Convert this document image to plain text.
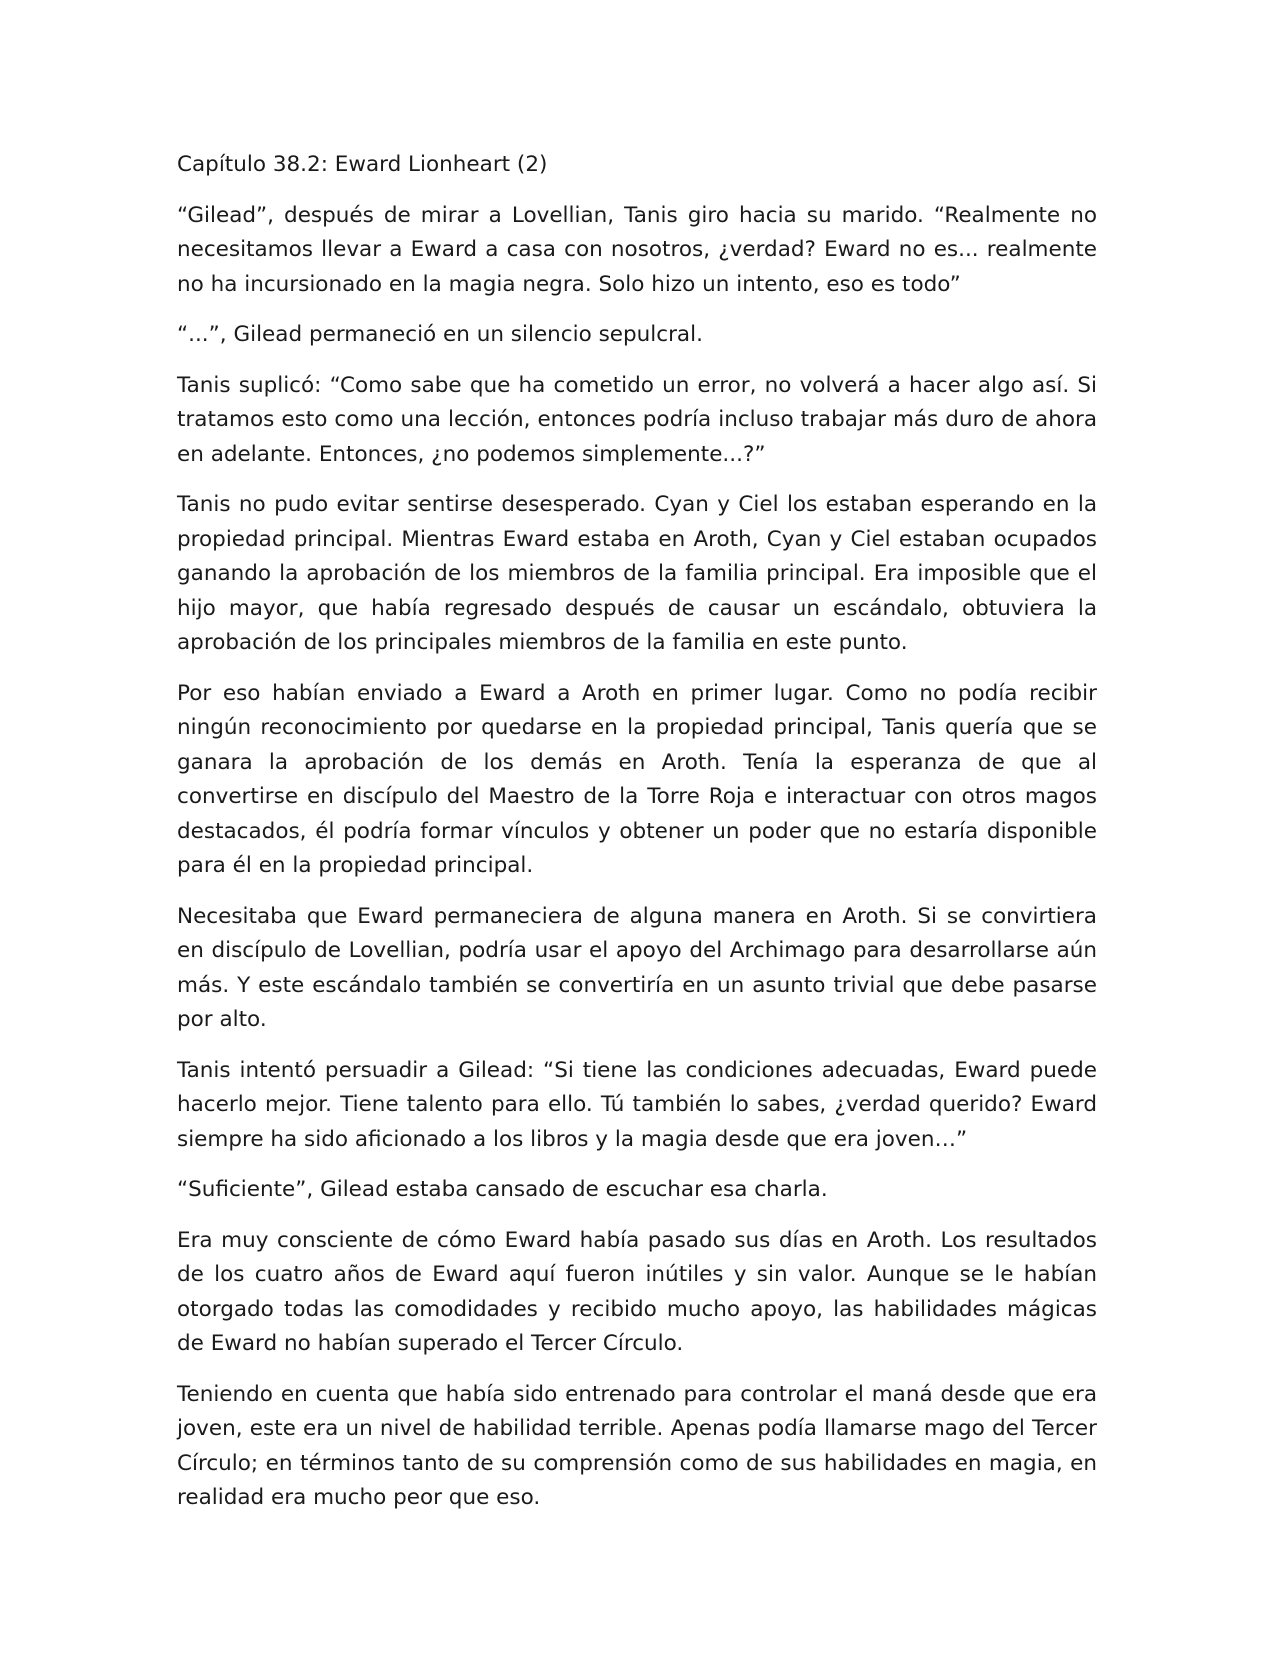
Capítulo 38.2: Eward Lionheart (2)

“Gilead”, después de mirar a Lovellian, Tanis giro hacia su marido. “Realmente no necesitamos llevar a Eward a casa con nosotros, ¿verdad? Eward no es... realmente no ha incursionado en la magia negra. Solo hizo un intento, eso es todo”

“...”, Gilead permaneció en un silencio sepulcral.

Tanis suplicó: “Como sabe que ha cometido un error, no volverá a hacer algo así. Si tratamos esto como una lección, entonces podría incluso trabajar más duro de ahora en adelante. Entonces, ¿no podemos simplemente...?”

Tanis no pudo evitar sentirse desesperado. Cyan y Ciel los estaban esperando en la propiedad principal. Mientras Eward estaba en Aroth, Cyan y Ciel estaban ocupados ganando la aprobación de los miembros de la familia principal. Era imposible que el hijo mayor, que había regresado después de causar un escándalo, obtuviera la aprobación de los principales miembros de la familia en este punto.

Por eso habían enviado a Eward a Aroth en primer lugar. Como no podía recibir ningún reconocimiento por quedarse en la propiedad principal, Tanis quería que se ganara la aprobación de los demás en Aroth. Tenía la esperanza de que al convertirse en discípulo del Maestro de la Torre Roja e interactuar con otros magos destacados, él podría formar vínculos y obtener un poder que no estaría disponible para él en la propiedad principal.

Necesitaba que Eward permaneciera de alguna manera en Aroth. Si se convirtiera en discípulo de Lovellian, podría usar el apoyo del Archimago para desarrollarse aún más. Y este escándalo también se convertiría en un asunto trivial que debe pasarse por alto.

Tanis intentó persuadir a Gilead: “Si tiene las condiciones adecuadas, Eward puede hacerlo mejor. Tiene talento para ello. Tú también lo sabes, ¿verdad querido? Eward siempre ha sido aficionado a los libros y la magia desde que era joven…”

“Suficiente”, Gilead estaba cansado de escuchar esa charla.

Era muy consciente de cómo Eward había pasado sus días en Aroth. Los resultados de los cuatro años de Eward aquí fueron inútiles y sin valor. Aunque se le habían otorgado todas las comodidades y recibido mucho apoyo, las habilidades mágicas de Eward no habían superado el Tercer Círculo.

Teniendo en cuenta que había sido entrenado para controlar el maná desde que era joven, este era un nivel de habilidad terrible. Apenas podía llamarse mago del Tercer Círculo; en términos tanto de su comprensión como de sus habilidades en magia, en realidad era mucho peor que eso.
